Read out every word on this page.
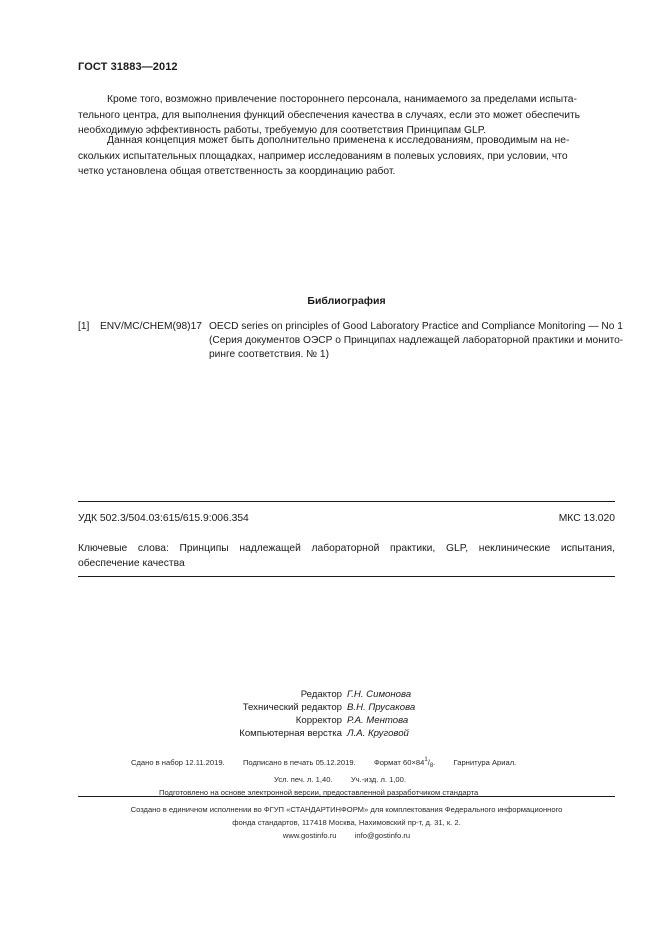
ГОСТ 31883—2012
Кроме того, возможно привлечение постороннего персонала, нанимаемого за пределами испыта-
тельного центра, для выполнения функций обеспечения качества в случаях, если это может обеспечить
необходимую эффективность работы, требуемую для соответствия Принципам GLP.
Данная концепция может быть дополнительно применена к исследованиям, проводимым на не-
скольких испытательных площадках, например исследованиям в полевых условиях, при условии, что
четко установлена общая ответственность за координацию работ.
Библиография
[1] ENV/MC/CHEM(98)17 OECD series on principles of Good Laboratory Practice and Compliance Monitoring — No 1
(Серия документов ОЭСР о Принципах надлежащей лабораторной практики и монито-
ринге соответствия. № 1)
УДК 502.3/504.03:615/615.9:006.354	МКС 13.020
Ключевые слова: Принципы надлежащей лабораторной практики, GLP, неклинические испытания,
обеспечение качества
Редактор Г.Н. Симонова
Технический редактор В.Н. Прусакова
Корректор Р.А. Ментова
Компьютерная верстка Л.А. Круговой
Сдано в набор 12.11.2019. Подписано в печать 05.12.2019. Формат $60\times 84^1/_8$. Гарнитура Ариал.
Усл. печ. л. 1,40. Уч.-изд. л. 1,00.
Подготовлено на основе электронной версии, предоставленной разработчиком стандарта
Создано в единичном исполнении во ФГУП «СТАНДАРТИНФОРМ» для комплектования Федерального информационного
фонда стандартов, 117418 Москва, Нахимовский пр-т, д. 31, к. 2.
www.gostinfo.ru info@gostinfo.ru
